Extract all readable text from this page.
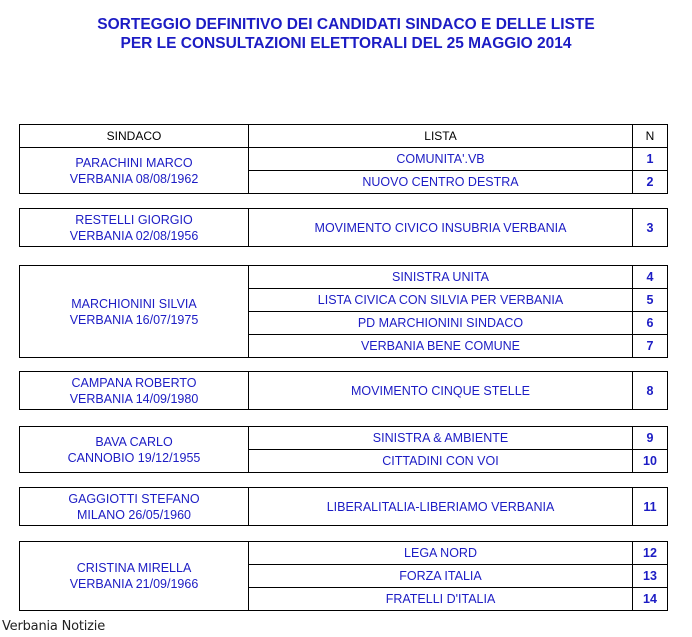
SORTEGGIO DEFINITIVO DEI CANDIDATI SINDACO E DELLE LISTE
PER LE CONSULTAZIONI ELETTORALI DEL 25 MAGGIO 2014
SINDACO	LISTA	N
PARACHINI MARCO
VERBANIA 08/08/1962	COMUNITA'.VB	1
	NUOVO CENTRO DESTRA	2
RESTELLI GIORGIO
VERBANIA 02/08/1956
	MOVIMENTO CIVICO INSUBRIA VERBANIA	3
MARCHIONINI SILVIA
VERBANIA 16/07/1975	SINISTRA UNITA	4
	LISTA CIVICA CON SILVIA PER VERBANIA	5
	PD MARCHIONINI SINDACO	6
	VERBANIA BENE COMUNE	7
CAMPANA ROBERTO
VERBANIA 14/09/1980
	MOVIMENTO CINQUE STELLE	8
BAVA CARLO
CANNOBIO 19/12/1955	SINISTRA & AMBIENTE	9
	CITTADINI CON VOI	10
GAGGIOTTI STEFANO
MILANO 26/05/1960
	LIBERALITALIA-LIBERIAMO VERBANIA	11
CRISTINA MIRELLA
VERBANIA 21/09/1966	LEGA NORD	12
	FORZA ITALIA	13
	FRATELLI D'ITALIA	14
Verbania Notizie
